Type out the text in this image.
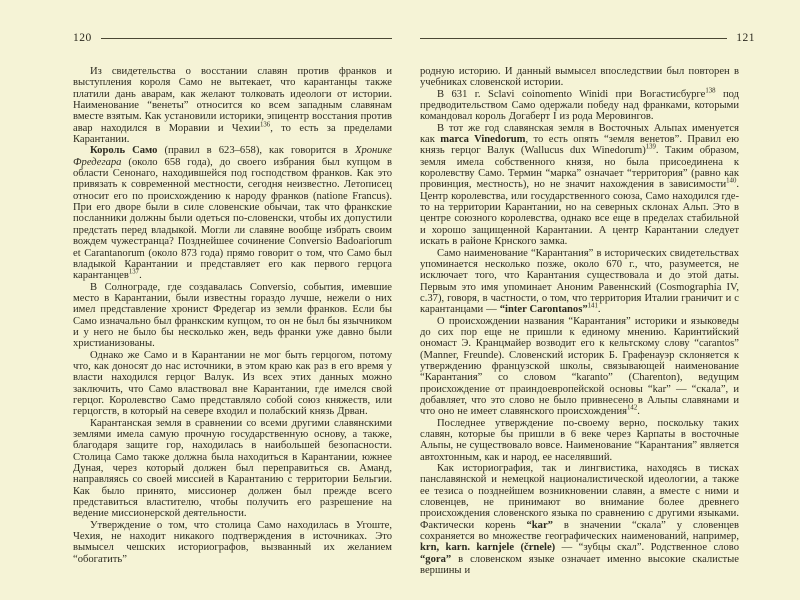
120

Из свидетельства о восстании славян против франков и выступления короля Само не вытекает, что карантанцы также платили дань аварам, как желают толковать идеологи от истории. Наименование “венеты” относится ко всем западным славянам вместе взятым. Как установили историки, эпицентр восстания против авар находился в Моравии и Чехии$^{136}$, то есть за пределами Карантании.

Король Само (правил в 623–658), как говорится в Хронике Фредегара (около 658 года), до своего избрания был купцом в области Сенонаго, находившейся под господством франков. Как это привязать к современной местности, сегодня неизвестно. Летописец относит его по происхождению к народу франков (natione Francus). При его дворе были в силе словенские обычаи, так что франкские посланники должны были одеться по-словенски, чтобы их допустили предстать перед владыкой. Могли ли славяне вообще избрать своим вождем чужестранца? Позднейшее сочинение Conversio Badoariorum et Carantanorum (около 873 года) прямо говорит о том, что Само был владыкой Карантании и представляет его как первого герцога карантанцев$^{137}$.

В Солнограде, где создавалась Conversio, события, имевшие место в Карантании, были известны гораздо лучше, нежели о них имел представление хронист Фредегар из земли франков. Если бы Само изначально был франкским купцом, то он не был бы язычником и у него не было бы несколько жен, ведь франки уже давно были христианизованы.

Однако же Само и в Карантании не мог быть герцогом, потому что, как доносят до нас источники, в этом краю как раз в его время у власти находился герцог Валук. Из всех этих данных можно заключить, что Само властвовал вне Карантании, где имелся свой герцог. Королевство Само представляло собой союз княжеств, или герцогств, в который на севере входил и полабский князь Дрван.

Карантанская земля в сравнении со всеми другими славянскими землями имела самую прочную государственную основу, а также, благодаря защите гор, находилась в наибольшей безопасности. Столица Само также должна была находиться в Карантании, южнее Дуная, через который должен был переправиться св. Аманд, направляясь со своей миссией в Карантанию с территории Бельгии. Как было принято, миссионер должен был прежде всего представиться властителю, чтобы получить его разрешение на ведение миссионерской деятельности.

Утверждение о том, что столица Само находилась в Угоште, Чехия, не находит никакого подтверждения в источниках. Это вымысел чешских историографов, вызванный их желанием “обогатить”

121

родную историю. И данный вымысел впоследствии был повторен в учебниках словенской истории.

В 631 г. Sclavi coinomento Winidi при Вогастисбурге$^{138}$ под предводительством Само одержали победу над франками, которыми командовал король Догаберт I из рода Меровингов.

В тот же год славянская земля в Восточных Альпах именуется как marca Vinedorum, то есть опять “земля венетов”. Правил ею князь герцог Валук (Wallucus dux Winedorum)$^{139}$. Таким образом, земля имела собственного князя, но была присоединена к королевству Само. Термин “марка” означает “территория” (равно как провинция, местность), но не значит нахождения в зависимости$^{140}$. Центр королевства, или государственного союза, Само находился где-то на территории Карантании, но на северных склонах Альп. Это в центре союзного королевства, однако все еще в пределах стабильной и хорошо защищенной Карантании. А центр Карантании следует искать в районе Крнского замка.

Само наименование “Карантания” в исторических свидетельствах упоминается несколько позже, около 670 г., что, разумеется, не исключает того, что Карантания существовала и до этой даты. Первым это имя упоминает Аноним Равеннский (Cosmographia IV, с.37), говоря, в частности, о том, что территория Италии граничит и с карантанцами — “inter Carontanos”$^{141}$.

О происхождении названия “Карантания” историки и языковеды до сих пор еще не пришли к единому мнению. Каринтийский ономаст Э. Кранцмайер возводит его к кельтскому слову “carantos” (Manner, Freunde). Словенский историк Б. Графенауэр склоняется к утверждению французской школы, связывающей наименование “Карантания” со словом “karanto” (Charenton), ведущим происхождение от праиндоевропейской основы “kar” — “скала”, и добавляет, что это слово не было привнесено в Альпы славянами и что оно не имеет славянского происхождения$^{142}$.

Последнее утверждение по-своему верно, поскольку таких славян, которые бы пришли в 6 веке через Карпаты в восточные Альпы, не существовало вовсе. Наименование “Карантания” является автохтонным, как и народ, ее населявший.

Как историография, так и лингвистика, находясь в тисках панславянской и немецкой националистической идеологии, а также ее тезиса о позднейшем возникновении славян, а вместе с ними и словенцев, не принимают во внимание более древнего происхождения словенского языка по сравнению с другими языками. Фактически корень “kar” в значении “скала” у словенцев сохраняется во множестве географических наименований, например, krn, karn. karnjele (črnele) — “зубцы скал”. Родственное слово “gora” в словенском языке означает именно высокие скалистые вершины и
